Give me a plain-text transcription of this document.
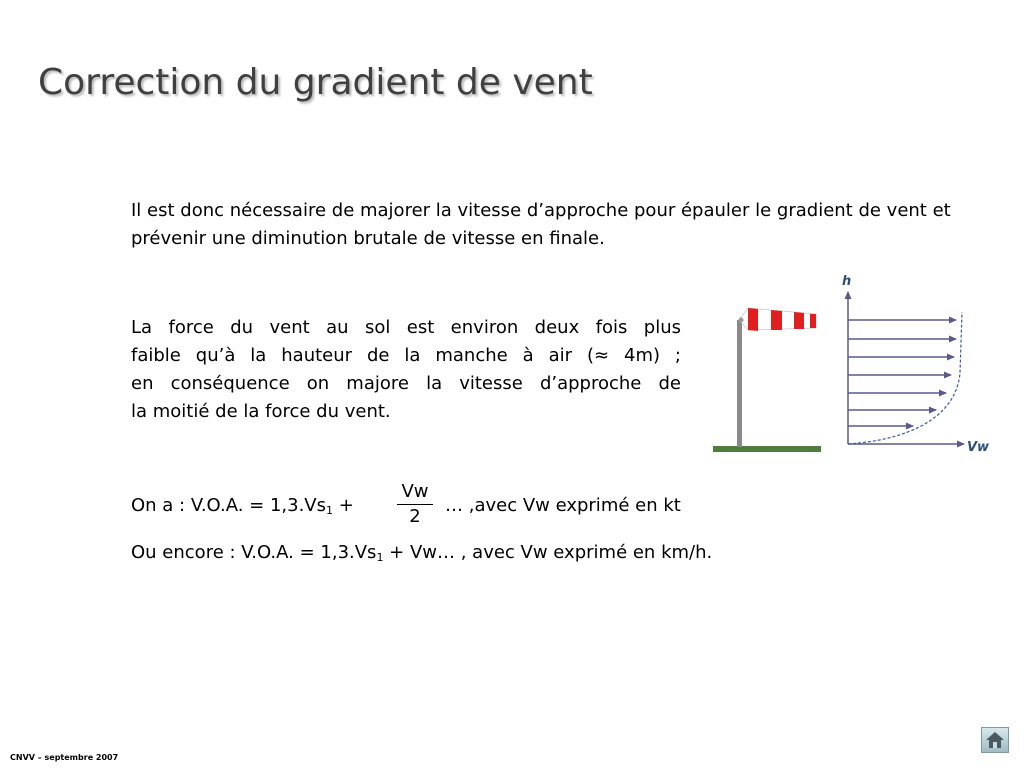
Correction du gradient de vent

Il est donc nécessaire de majorer la vitesse d’approche pour épauler le gradient de vent et prévenir une diminution brutale de vitesse en finale.

La force du vent au sol est environ deux fois plus
faible qu’à la hauteur de la manche à air (≈ 4m) ;
en conséquence on majore la vitesse d’approche de
la moitié de la force du vent.

h
Vw
On a : V.O.A. = $1,3.Vs_1$ +
Vw
2
… ,avec Vw exprimé en kt
Ou encore : V.O.A. = $1,3.Vs_1$ + Vw… , avec Vw exprimé en km/h.
CNVV – septembre 2007
